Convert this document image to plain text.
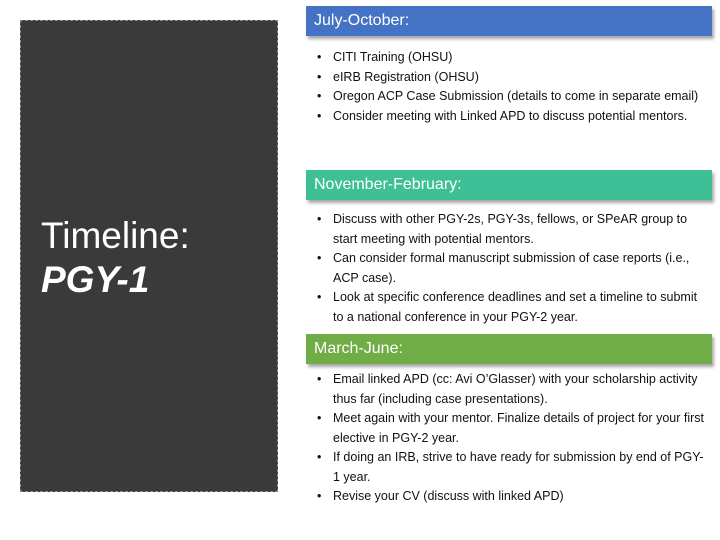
Timeline:
PGY-1
July-October:
• CITI Training (OHSU)
• eIRB Registration (OHSU)
• Oregon ACP Case Submission (details to come in separate email)
• Consider meeting with Linked APD to discuss potential mentors.
November-February:
• Discuss with other PGY-2s, PGY-3s, fellows, or SPeAR group to start meeting with potential mentors.
• Can consider formal manuscript submission of case reports (i.e., ACP case).
• Look at specific conference deadlines and set a timeline to submit to a national conference in your PGY-2 year.
March-June:
• Email linked APD (cc: Avi O’Glasser) with your scholarship activity thus far (including case presentations).
• Meet again with your mentor. Finalize details of project for your first elective in PGY-2 year.
• If doing an IRB, strive to have ready for submission by end of PGY-1 year.
• Revise your CV (discuss with linked APD)
